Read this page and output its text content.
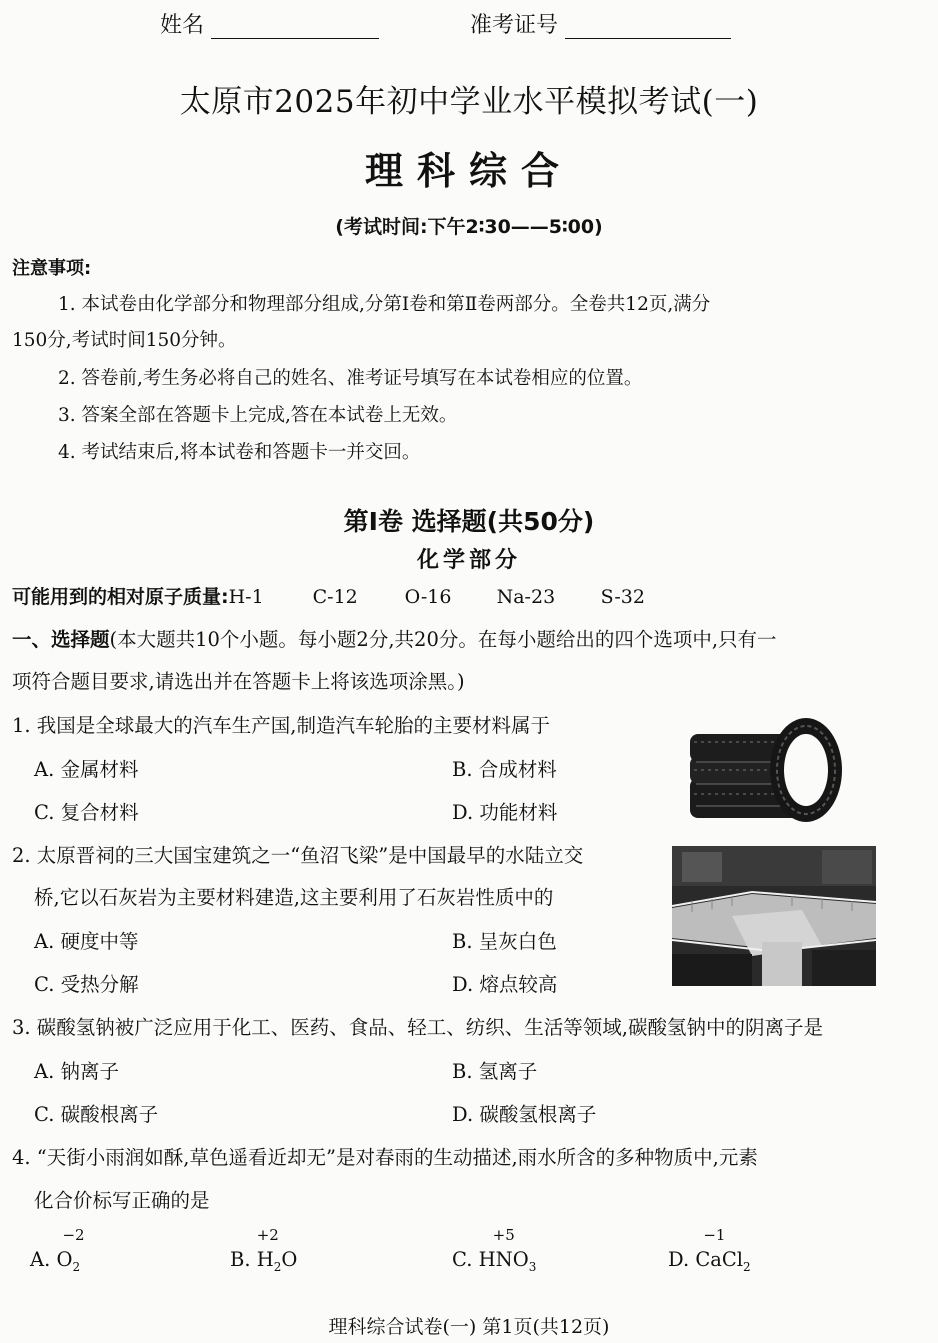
姓名	准考证号
太原市2025年初中学业水平模拟考试(一)
理科综合
(考试时间:下午2∶30——5∶00)
注意事项:
1. 本试卷由化学部分和物理部分组成,分第Ⅰ卷和第Ⅱ卷两部分。全卷共12页,满分
150分,考试时间150分钟。
2. 答卷前,考生务必将自己的姓名、准考证号填写在本试卷相应的位置。
3. 答案全部在答题卡上完成,答在本试卷上无效。
4. 考试结束后,将本试卷和答题卡一并交回。
第Ⅰ卷 选择题(共50分)
化学部分
可能用到的相对原子质量:H-1	C-12 O-16 Na-23 S-32
一、选择题(本大题共10个小题。每小题2分,共20分。在每小题给出的四个选项中,只有一
项符合题目要求,请选出并在答题卡上将该选项涂黑。)
1. 我国是全球最大的汽车生产国,制造汽车轮胎的主要材料属于
A. 金属材料	B. 合成材料
C. 复合材料	D. 功能材料
2. 太原晋祠的三大国宝建筑之一“鱼沼飞梁”是中国最早的水陆立交
桥,它以石灰岩为主要材料建造,这主要利用了石灰岩性质中的
A. 硬度中等	B. 呈灰白色
C. 受热分解	D. 熔点较高
3. 碳酸氢钠被广泛应用于化工、医药、食品、轻工、纺织、生活等领域,碳酸氢钠中的阴离子是
A. 钠离子	B. 氢离子
C. 碳酸根离子	D. 碳酸氢根离子
4. “天街小雨润如酥,草色遥看近却无”是对春雨的生动描述,雨水所含的多种物质中,元素
化合价标写正确的是
A.
−2
$O_2$	B.
+2
$H_2O$	C.
+5
$HNO_3$	D.
−1
CaCl$_2$
理科综合试卷(一) 第1页(共12页)
